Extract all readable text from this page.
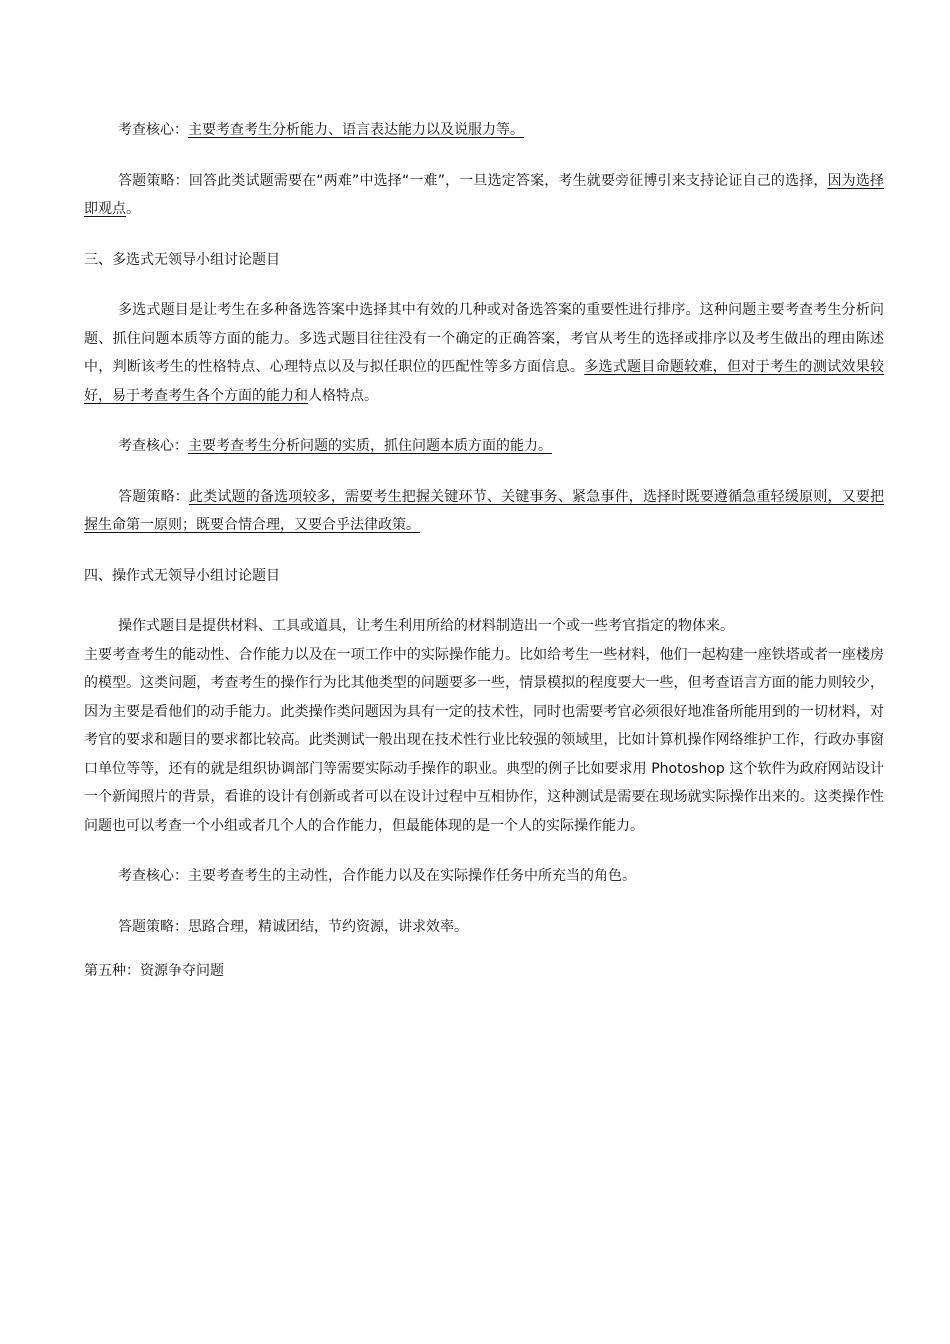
考查核心：主要考查考生分析能力、语言表达能力以及说服力等。

答题策略：回答此类试题需要在“两难”中选择“一难”，一旦选定答案，考生就要旁征博引来支持论证自己的选择，因为选择即观点。

三、多选式无领导小组讨论题目

多选式题目是让考生在多种备选答案中选择其中有效的几种或对备选答案的重要性进行排序。这种问题主要考查考生分析问题、抓住问题本质等方面的能力。多选式题目往往没有一个确定的正确答案，考官从考生的选择或排序以及考生做出的理由陈述中，判断该考生的性格特点、心理特点以及与拟任职位的匹配性等多方面信息。多选式题目命题较难，但对于考生的测试效果较好，易于考查考生各个方面的能力和人格特点。

考查核心：主要考查考生分析问题的实质，抓住问题本质方面的能力。

答题策略：此类试题的备选项较多，需要考生把握关键环节、关键事务、紧急事件，选择时既要遵循急重轻缓原则，又要把握生命第一原则；既要合情合理，又要合乎法律政策。

四、操作式无领导小组讨论题目

操作式题目是提供材料、工具或道具，让考生利用所给的材料制造出一个或一些考官指定的物体来。
主要考查考生的能动性、合作能力以及在一项工作中的实际操作能力。比如给考生一些材料，他们一起构建一座铁塔或者一座楼房的模型。这类问题，考查考生的操作行为比其他类型的问题要多一些，情景模拟的程度要大一些，但考查语言方面的能力则较少，因为主要是看他们的动手能力。此类操作类问题因为具有一定的技术性，同时也需要考官必须很好地准备所能用到的一切材料，对考官的要求和题目的要求都比较高。此类测试一般出现在技术性行业比较强的领域里，比如计算机操作网络维护工作，行政办事窗口单位等等，还有的就是组织协调部门等需要实际动手操作的职业。典型的例子比如要求用 Photoshop 这个软件为政府网站设计一个新闻照片的背景，看谁的设计有创新或者可以在设计过程中互相协作，这种测试是需要在现场就实际操作出来的。这类操作性问题也可以考查一个小组或者几个人的合作能力，但最能体现的是一个人的实际操作能力。

考查核心：主要考查考生的主动性，合作能力以及在实际操作任务中所充当的角色。

答题策略：思路合理，精诚团结，节约资源，讲求效率。

第五种：资源争夺问题
